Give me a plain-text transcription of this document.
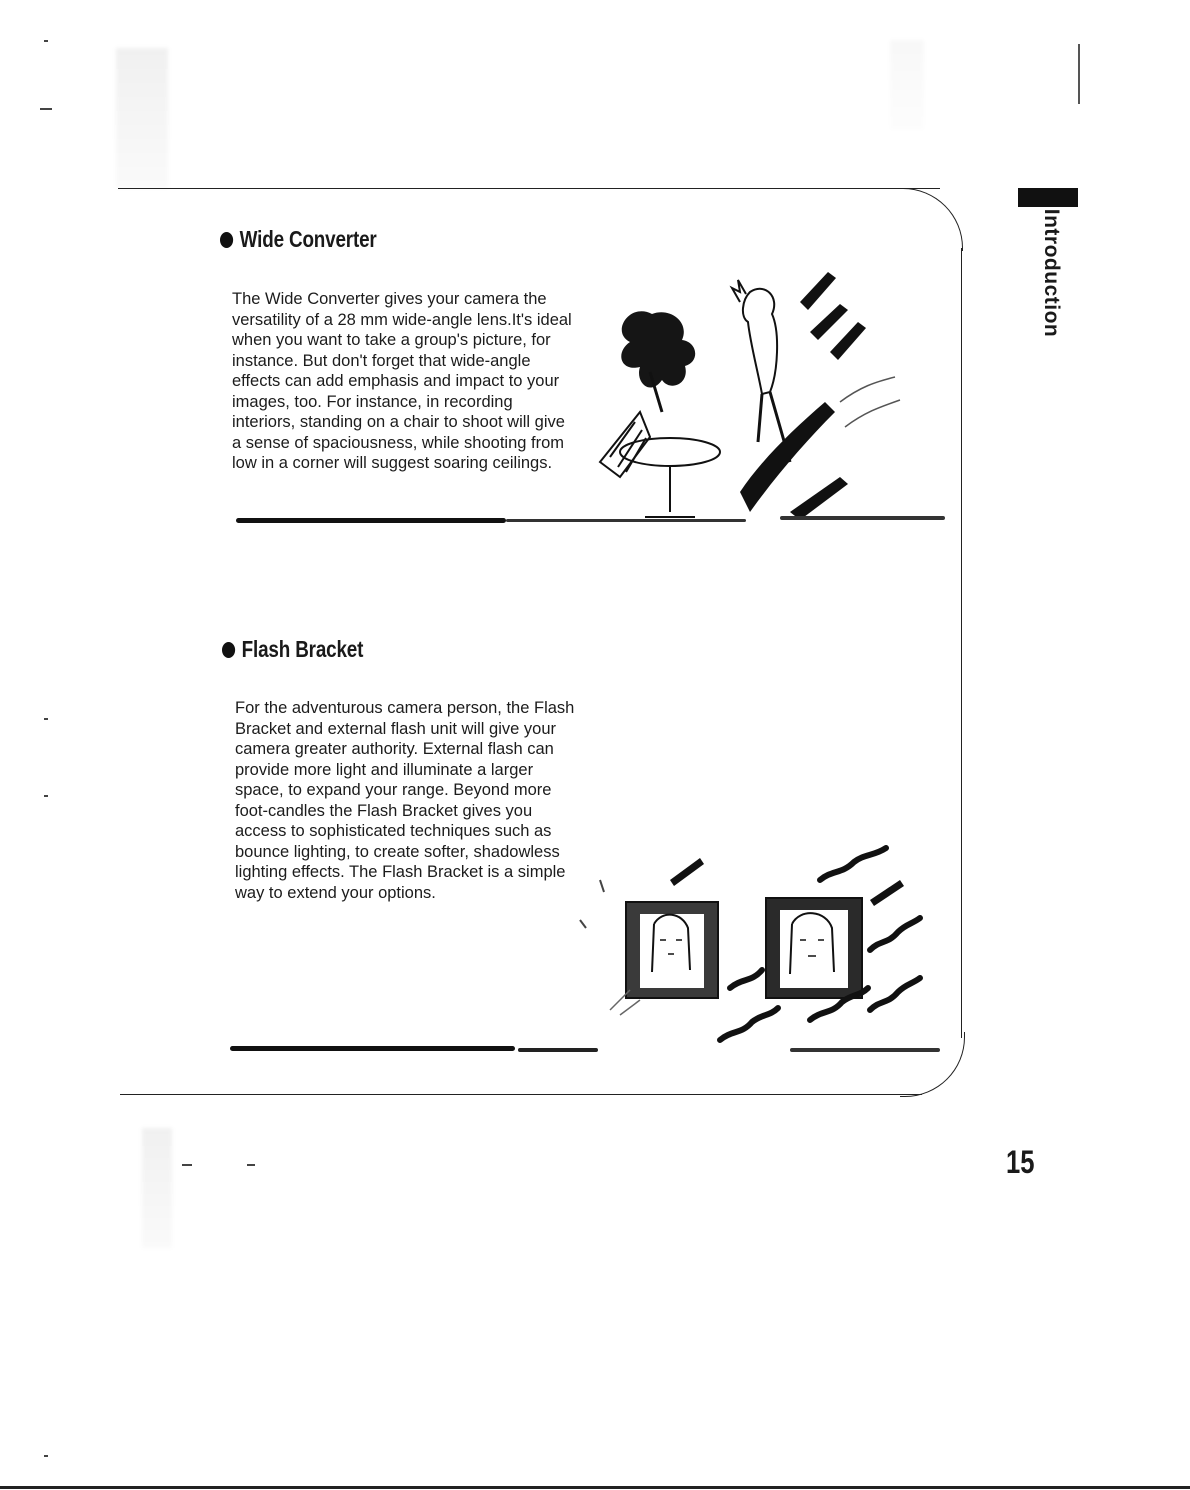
Introduction
Wide Converter

The Wide Converter gives your camera the
versatility of a 28 mm wide-angle lens.It's ideal
when you want to take a group's picture, for
instance. But don't forget that wide-angle
effects can add emphasis and impact to your
images, too. For instance, in recording
interiors, standing on a chair to shoot will give
a sense of spaciousness, while shooting from
low in a corner will suggest soaring ceilings.

Flash Bracket

For the adventurous camera person, the Flash
Bracket and external flash unit will give your
camera greater authority. External flash can
provide more light and illuminate a larger
space, to expand your range. Beyond more
foot-candles the Flash Bracket gives you
access to sophisticated techniques such as
bounce lighting, to create softer, shadowless
lighting effects. The Flash Bracket is a simple
way to extend your options.

15
